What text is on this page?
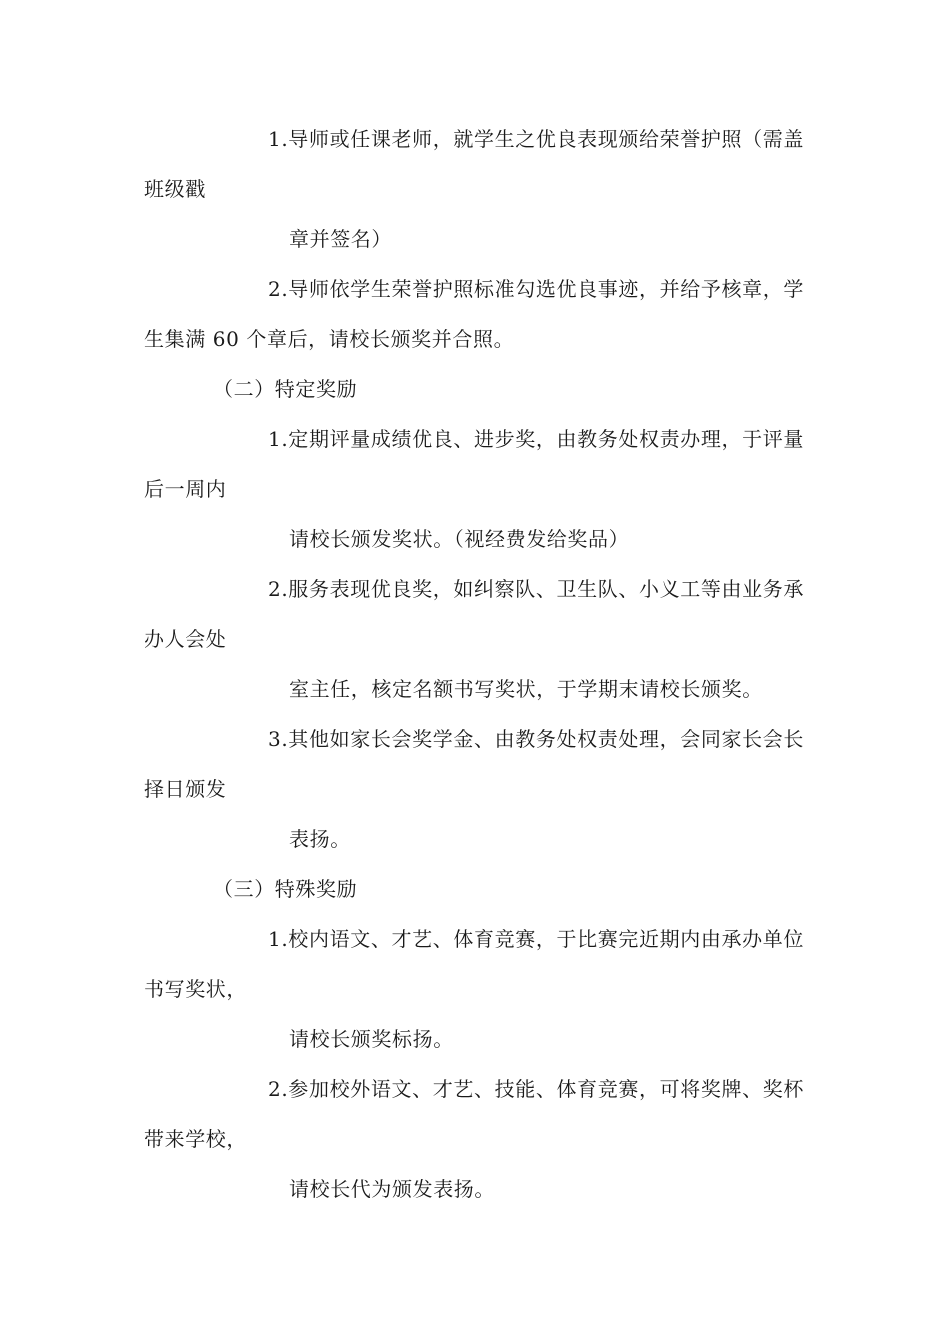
1.导师或任课老师，就学生之优良表现颁给荣誉护照（需盖
班级戳
章并签名）
2.导师依学生荣誉护照标准勾选优良事迹，并给予核章，学
生集满 60 个章后，请校长颁奖并合照。
（二）特定奖励
1.定期评量成绩优良、进步奖，由教务处权责办理，于评量
后一周内
请校长颁发奖状。（视经费发给奖品）
2.服务表现优良奖，如纠察队、卫生队、小义工等由业务承
办人会处
室主任，核定名额书写奖状，于学期末请校长颁奖。
3.其他如家长会奖学金、由教务处权责处理，会同家长会长
择日颁发
表扬。
（三）特殊奖励
1.校内语文、才艺、体育竞赛，于比赛完近期内由承办单位
书写奖状，
请校长颁奖标扬。
2.参加校外语文、才艺、技能、体育竞赛，可将奖牌、奖杯
带来学校，
请校长代为颁发表扬。
